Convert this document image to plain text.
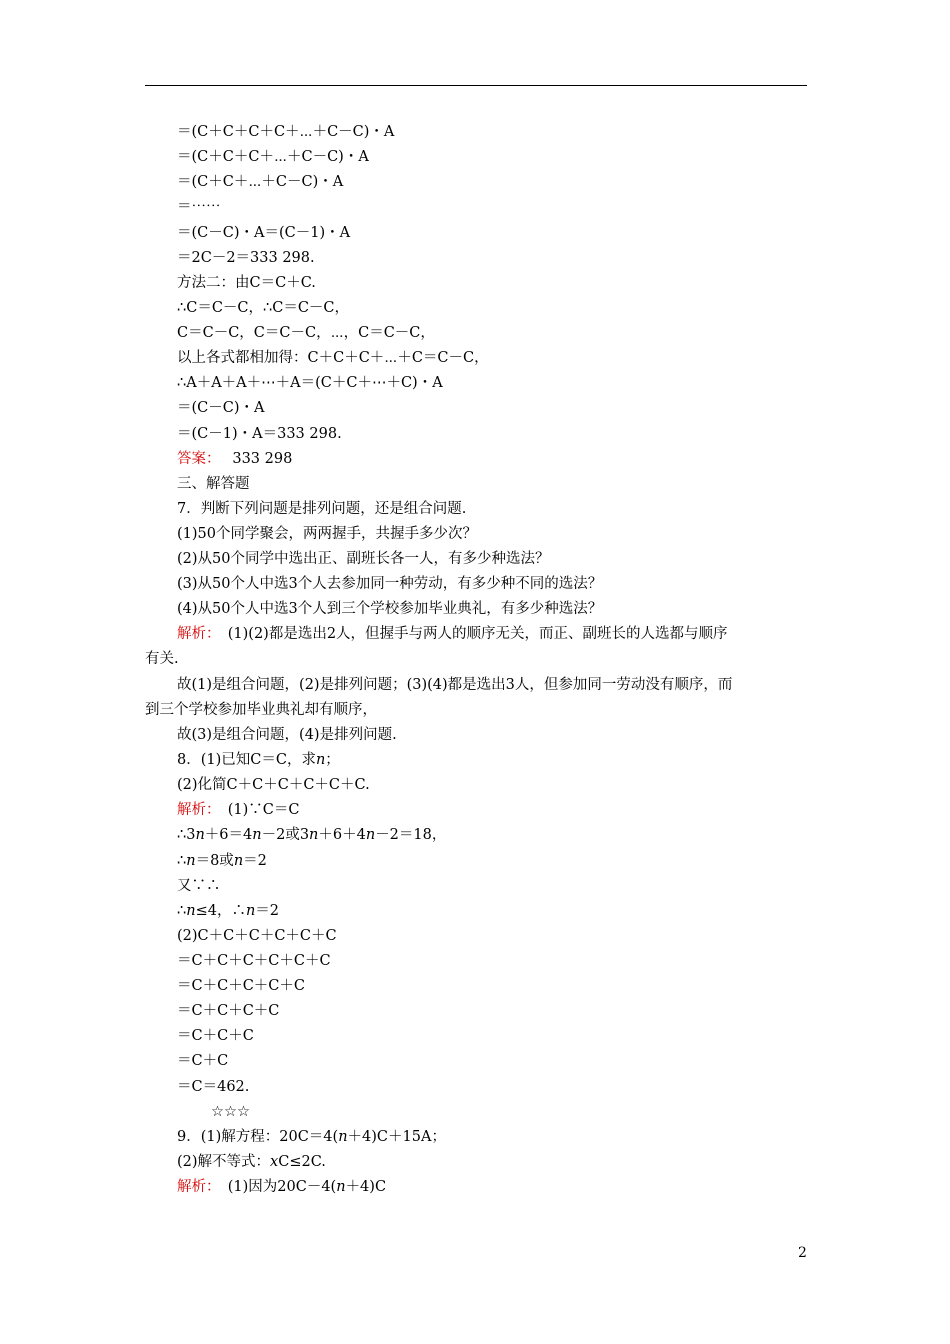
＝(C＋C＋C＋C＋⋯＋C－C)・A
＝(C＋C＋C＋⋯＋C－C)・A
＝(C＋C＋⋯＋C－C)・A
＝⋯⋯
＝(C－C)・A＝(C－1)・A
＝2C－2＝333 298.
方法二：由C＝C＋C.
∴C＝C－C，∴C＝C－C，
C＝C－C，C＝C－C，⋯，C＝C－C，
以上各式都相加得：C＋C＋C＋⋯＋C＝C－C，
∴A＋A＋A＋⋯＋A＝(C＋C＋⋯＋C)・A
＝(C－C)・A
＝(C－1)・A＝333 298.
答案：　 333 298
三、解答题
7．判断下列问题是排列问题，还是组合问题.
(1)50个同学聚会，两两握手，共握手多少次？
(2)从50个同学中选出正、副班长各一人，有多少种选法？
(3)从50个人中选3个人去参加同一种劳动，有多少种不同的选法？
(4)从50个人中选3个人到三个学校参加毕业典礼，有多少种选法？
解析：　(1)(2)都是选出2人，但握手与两人的顺序无关，而正、副班长的人选都与顺序
有关.
故(1)是组合问题，(2)是排列问题；(3)(4)都是选出3人，但参加同一劳动没有顺序，而
到三个学校参加毕业典礼却有顺序，
故(3)是组合问题，(4)是排列问题.
8．(1)已知C＝C，求n；
(2)化简C＋C＋C＋C＋C＋C.
解析：　(1)∵C＝C
∴3n＋6＝4n－2或3n＋6＋4n－2＝18，
∴n＝8或n＝2
又∵∴
∴n≤4，∴n＝2
(2)C＋C＋C＋C＋C＋C
＝C＋C＋C＋C＋C＋C
＝C＋C＋C＋C＋C
＝C＋C＋C＋C
＝C＋C＋C
＝C＋C
＝C＝462.
☆☆☆
9．(1)解方程：20C＝4(n＋4)C＋15A；
(2)解不等式：xC≤2C.
解析：　(1)因为20C－4(n＋4)C
2
